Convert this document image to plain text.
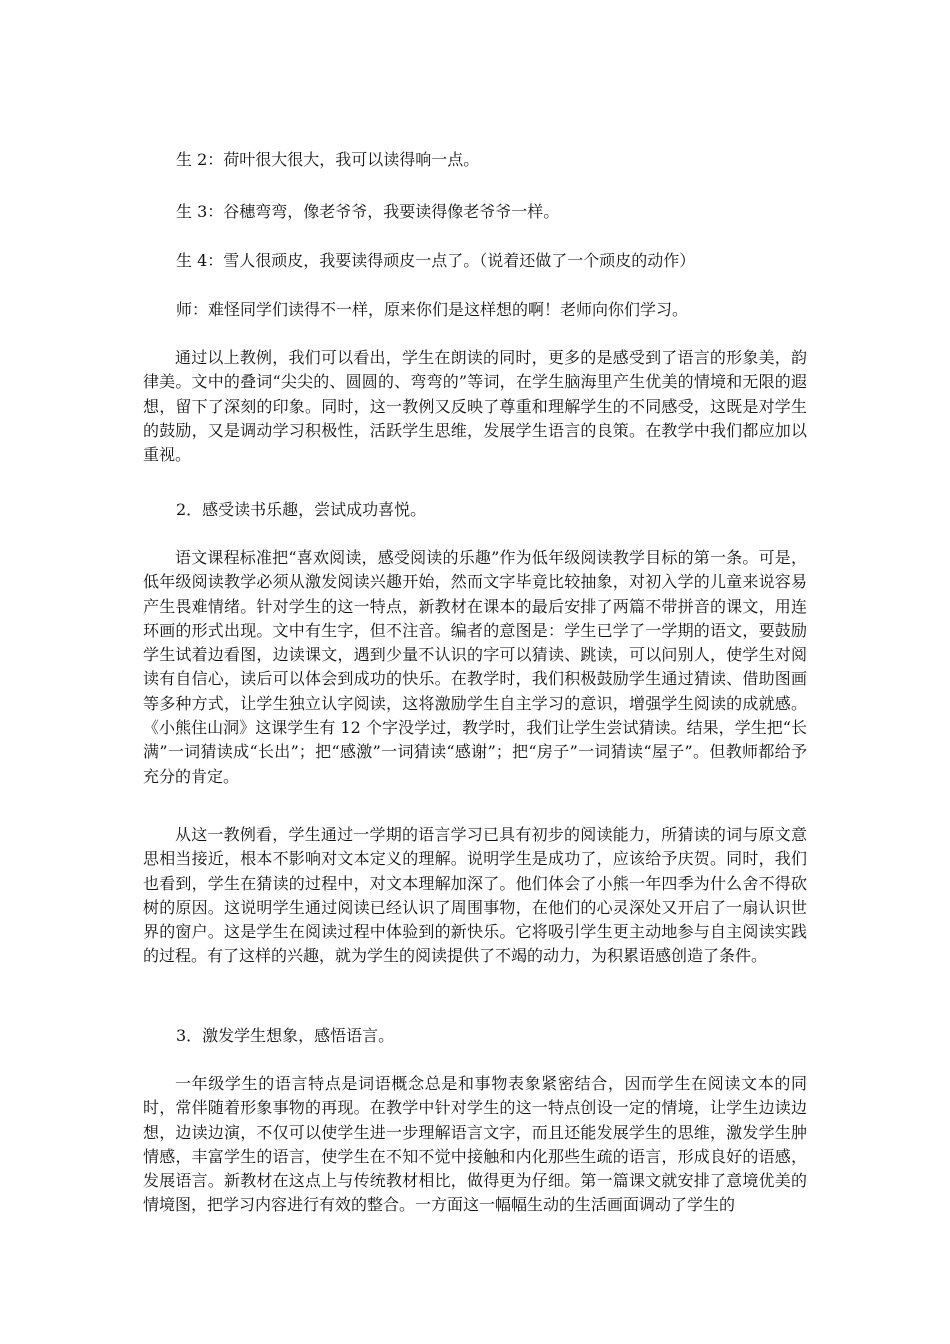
生 2：荷叶很大很大，我可以读得响一点。
生 3：谷穗弯弯，像老爷爷，我要读得像老爷爷一样。
生 4：雪人很顽皮，我要读得顽皮一点了。（说着还做了一个顽皮的动作）
师：难怪同学们读得不一样，原来你们是这样想的啊！老师向你们学习。

通过以上教例，我们可以看出，学生在朗读的同时，更多的是感受到了语言的形象美，韵律美。文中的叠词“尖尖的、圆圆的、弯弯的”等词，在学生脑海里产生优美的情境和无限的遐想，留下了深刻的印象。同时，这一教例又反映了尊重和理解学生的不同感受，这既是对学生的鼓励，又是调动学习积极性，活跃学生思维，发展学生语言的良策。在教学中我们都应加以重视。

2．感受读书乐趣，尝试成功喜悦。

语文课程标准把“喜欢阅读，感受阅读的乐趣”作为低年级阅读教学目标的第一条。可是，低年级阅读教学必须从激发阅读兴趣开始，然而文字毕竟比较抽象，对初入学的儿童来说容易产生畏难情绪。针对学生的这一特点，新教材在课本的最后安排了两篇不带拼音的课文，用连环画的形式出现。文中有生字，但不注音。编者的意图是：学生已学了一学期的语文，要鼓励学生试着边看图，边读课文，遇到少量不认识的字可以猜读、跳读，可以问别人，使学生对阅读有自信心，读后可以体会到成功的快乐。在教学时，我们积极鼓励学生通过猜读、借助图画等多种方式，让学生独立认字阅读，这将激励学生自主学习的意识，增强学生阅读的成就感。《小熊住山洞》这课学生有 12 个字没学过，教学时，我们让学生尝试猜读。结果，学生把“长满”一词猜读成“长出”；把“感激”一词猜读“感谢”；把“房子”一词猜读“屋子”。但教师都给予充分的肯定。

从这一教例看，学生通过一学期的语言学习已具有初步的阅读能力，所猜读的词与原文意思相当接近，根本不影响对文本定义的理解。说明学生是成功了，应该给予庆贺。同时，我们也看到，学生在猜读的过程中，对文本理解加深了。他们体会了小熊一年四季为什么舍不得砍树的原因。这说明学生通过阅读已经认识了周围事物，在他们的心灵深处又开启了一扇认识世界的窗户。这是学生在阅读过程中体验到的新快乐。它将吸引学生更主动地参与自主阅读实践的过程。有了这样的兴趣，就为学生的阅读提供了不竭的动力，为积累语感创造了条件。

3．激发学生想象，感悟语言。

一年级学生的语言特点是词语概念总是和事物表象紧密结合，因而学生在阅读文本的同时，常伴随着形象事物的再现。在教学中针对学生的这一特点创设一定的情境，让学生边读边想，边读边演，不仅可以使学生进一步理解语言文字，而且还能发展学生的思维，激发学生肿情感，丰富学生的语言，使学生在不知不觉中接触和内化那些生疏的语言，形成良好的语感，发展语言。新教材在这点上与传统教材相比，做得更为仔细。第一篇课文就安排了意境优美的情境图，把学习内容进行有效的整合。一方面这一幅幅生动的生活画面调动了学生的
